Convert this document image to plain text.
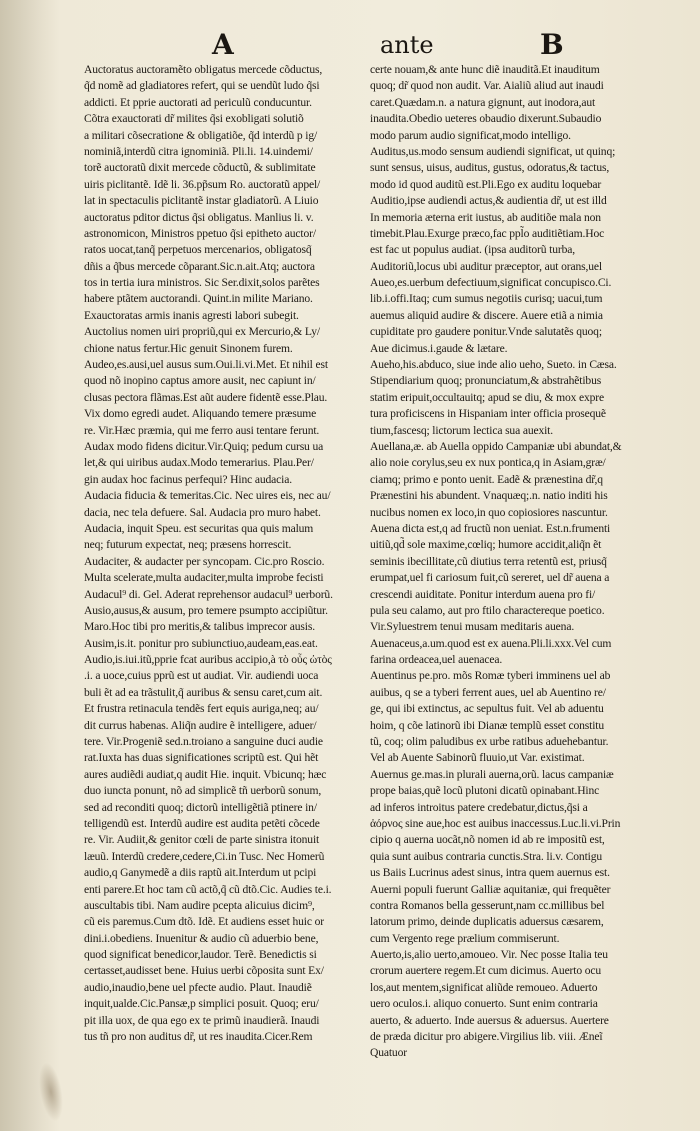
A	ante	B
Auctoratus auctoramẽto obligatus mercede cõductus,
q̃d nomẽ ad gladiatores refert, qui se uendũt ludo q̃si
addicti. Et pprie auctorati ad periculũ conducuntur.
Cõtra exauctorati dr̃ milites q̃si exobligati solutiõ
a militari cõsecratione & obligatiõe, q̃d interdũ p ig/
nominiã,interdũ citra ignominiã. Pli.li. 14.uindemi/
torẽ auctoratũ dixit mercede cõductũ, & sublimitate
uiris piclitantẽ. Idẽ li. 36.pp̃sum Ro. auctoratũ appel/
lat in spectaculis piclitantẽ instar gladiatorũ. A Liuio
auctoratus pditor dictus q̃si obligatus. Manlius li. v.
astronomicon, Ministros ppetuo q̃si epitheto auctor/
ratos uocat,tanq̃ perpetuos mercenarios, obligatosq̃
dñis a q̃bus mercede cõparant.Sic.n.ait.Atq; auctora
tos in tertia iura ministros. Sic Ser.dixit,solos parẽtes
habere ptãtem auctorandi. Quint.in milite Mariano.
Exauctoratas armis inanis agresti labori subegit.
Auctolius nomen uiri propriũ,qui ex Mercurio,& Ly/
chione natus fertur.Hic genuit Sinonem furem.
Audeo,es.ausi,uel ausus sum.Oui.li.vi.Met. Et nihil est
quod nõ inopino captus amore ausit, nec capiunt in/
clusas pectora flãmas.Est aũt audere fidentẽ esse.Plau.
Vix domo egredi audet. Aliquando temere præsume
re. Vir.Hæc præmia, qui me ferro ausi tentare ferunt.
Audax modo fidens dicitur.Vir.Quiq; pedum cursu ua
let,& qui uiribus audax.Modo temerarius. Plau.Per/
gin audax hoc facinus perfequi? Hinc audacia.
Audacia fiducia & temeritas.Cic. Nec uires eis, nec au/
dacia, nec tela defuere. Sal. Audacia pro muro habet.
Audacia, inquit Speu. est securitas qua quis malum
neq; futurum expectat, neq; præsens horrescit.
Audaciter, & audacter per syncopam. Cic.pro Roscio.
Multa scelerate,multa audaciter,multa improbe fecisti
Audacul⁹ di. Gel. Aderat reprehensor audacul⁹ uerborũ.
Ausio,ausus,& ausum, pro temere psumpto accipiũtur.
Maro.Hoc tibi pro meritis,& talibus imprecor ausis.
Ausim,is.it. ponitur pro subiunctiuo,audeam,eas.eat.
Audio,is.iui.itũ,pprie fcat auribus accipio,à τὸ οὖς ὠτὸς
.i. a uoce,cuius pprũ est ut audiat. Vir. audiendi uoca
buli ẽt ad ea trãstulit,q̃ auribus & sensu caret,cum ait.
Et frustra retinacula tendẽs fert equis auriga,neq; au/
dit currus habenas. Aliq̃n audire ẽ intelligere, aduer/
tere. Vir.Progeniẽ sed.n.troiano a sanguine duci audie
rat.Iuxta has duas significationes scriptũ est. Qui hẽt
aures audiẽdi audiat,q audit Hie. inquit. Vbicunq; hæc
duo iuncta ponunt, nõ ad simplicẽ tñ uerborũ sonum,
sed ad reconditi quoq; dictorũ intelligẽtiã ptinere in/
telligendũ est. Interdũ audire est audita petẽti cõcede
re. Vir. Audiit,& genitor cœli de parte sinistra itonuit
læuũ. Interdũ credere,cedere,Ci.in Tusc. Nec Homerũ
audio,q Ganymedẽ a diis raptũ ait.Interdum ut pcipi
enti parere.Et hoc tam cũ actõ,q̃ cũ dtõ.Cic. Audies te.i.
auscultabis tibi. Nam audire pcepta alicuius dicim⁹,
cũ eis paremus.Cum dtõ. Idẽ. Et audiens esset huic or
dini.i.obediens. Inuenitur & audio cũ aduerbio bene,
quod significat benedicor,laudor. Terẽ. Benedictis si
certasset,audisset bene. Huius uerbi cõposita sunt Ex/
audio,inaudio,bene uel pfecte audio. Plaut. Inaudiẽ
inquit,ualde.Cic.Pansæ,p simplici posuit. Quoq; eru/
pit illa uox, de qua ego ex te primũ inaudierã. Inaudi
tus tñ pro non auditus dr̃, ut res inaudita.Cicer.Rem
certe nouam,& ante hunc diẽ inauditã.Et inauditum
quoq; dr̃ quod non audit. Var. Aialiũ aliud aut inaudi
caret.Quædam.n. a natura gignunt, aut inodora,aut
inaudita.Obedio ueteres obaudio dixerunt.Subaudio
modo parum audio significat,modo intelligo.
Auditus,us.modo sensum audiendi significat, ut quinq;
sunt sensus, uisus, auditus, gustus, odoratus,& tactus,
modo id quod auditũ est.Pli.Ego ex auditu loquebar
Auditio,ipse audiendi actus,& audientia dr̃, ut est illd
In memoria æterna erit iustus, ab auditiõe mala non
timebit.Plau.Exurge præco,fac ppl̃o auditiẽtiam.Hoc
est fac ut populus audiat. (ipsa auditorũ turba,
Auditoriũ,locus ubi auditur præceptor, aut orans,uel
Aueo,es.uerbum defectiuum,significat concupisco.Ci.
lib.i.offi.Itaq; cum sumus negotiis curisq; uacui,tum
auemus aliquid audire & discere. Auere etiã a nimia
cupiditate pro gaudere ponitur.Vnde salutatẽs quoq;
Aue dicimus.i.gaude & lætare.
Aueho,his.abduco, siue inde alio ueho, Sueto. in Cæsa.
Stipendiarium quoq; pronunciatum,& abstrahẽtibus
statim eripuit,occultauitq; apud se diu, & mox expre
tura proficiscens in Hispaniam inter officia prosequẽ
tium,fascesq; lictorum lectica sua auexit.
Auellana,æ. ab Auella oppido Campaniæ ubi abundat,&
alio noie corylus,seu ex nux pontica,q in Asiam,græ/
ciamq; primo e ponto uenit. Eadẽ & prænestina dr̃,q
Prænestini his abundent. Vnaquæq;.n. natio inditi his
nucibus nomen ex loco,in quo copiosiores nascuntur.
Auena dicta est,q ad fructũ non ueniat. Est.n.frumenti
uitiũ,qd̃ sole maxime,cœliq; humore accidit,aliq̃n ẽt
seminis ibecillitate,cũ diutius terra retentũ est, priusq̃
erumpat,uel fi cariosum fuit,cũ sereret, uel dr̃ auena a
crescendi auiditate. Ponitur interdum auena pro fi/
pula seu calamo, aut pro ftilo charactereque poetico.
Vir.Syluestrem tenui musam meditaris auena.
Auenaceus,a.um.quod est ex auena.Pli.li.xxx.Vel cum
farina ordeacea,uel auenacea.
Auentinus pe.pro. mõs Romæ tyberi imminens uel ab
auibus, q se a tyberi ferrent aues, uel ab Auentino re/
ge, qui ibi extinctus, ac sepultus fuit. Vel ab aduentu
hoim, q cõe latinorũ ibi Dianæ templũ esset constitu
tũ, coq; olim paludibus ex urbe ratibus aduehebantur.
Vel ab Auente Sabinorũ fluuio,ut Var. existimat.
Auernus ge.mas.in plurali auerna,orũ. lacus campaniæ
prope baias,quẽ locũ plutoni dicatũ opinabant.Hinc
ad inferos introitus patere credebatur,dictus,q̃si a
ἀόρνος sine aue,hoc est auibus inaccessus.Luc.li.vi.Prin
cipio q auerna uocãt,nõ nomen id ab re impositũ est,
quia sunt auibus contraria cunctis.Stra. li.v. Contigu
us Baiis Lucrinus adest sinus, intra quem auernus est.
Auerni populi fuerunt Galliæ aquitaniæ, qui frequẽter
contra Romanos bella gesserunt,nam cc.millibus bel
latorum primo, deinde duplicatis aduersus cæsarem,
cum Vergento rege prælium commiserunt.
Auerto,is,alio uerto,amoueo. Vir. Nec posse Italia teu
crorum auertere regem.Et cum dicimus. Auerto ocu
los,aut mentem,significat aliũde remoueo. Aduerto
uero oculos.i. aliquo conuerto. Sunt enim contraria
auerto, & aduerto. Inde auersus & aduersus. Auertere
de præda dicitur pro abigere.Virgilius lib. viii. Æneĩ
Quatuor
